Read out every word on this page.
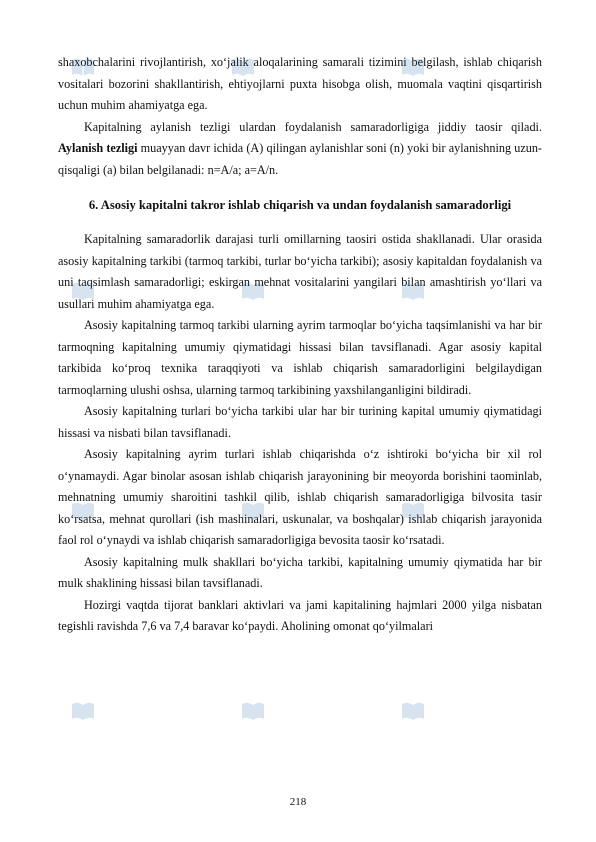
shaxobchalarini rivojlantirish, xo‘jalik aloqalarining samarali tizimini belgilash, ishlab chiqarish vositalari bozorini shakllantirish, ehtiyojlarni puxta hisobga olish, muomala vaqtini qisqartirish uchun muhim ahamiyatga ega.

Kapitalning aylanish tezligi ulardan foydalanish samaradorligiga jiddiy taosir qiladi. Aylanish tezligi muayyan davr ichida (A) qilingan aylanishlar soni (n) yoki bir aylanishning uzun-qisqaligi (a) bilan belgilanadi: n=A/a; a=A/n.

6. Asosiy kapitalni takror ishlab chiqarish va undan foydalanish samaradorligi

Kapitalning samaradorlik darajasi turli omillarning taosiri ostida shakllanadi. Ular orasida asosiy kapitalning tarkibi (tarmoq tarkibi, turlar bo‘yicha tarkibi); asosiy kapitaldan foydalanish va uni taqsimlash samaradorligi; eskirgan mehnat vositalarini yangilari bilan amashtirish yo‘llari va usullari muhim ahamiyatga ega.

Asosiy kapitalning tarmoq tarkibi ularning ayrim tarmoqlar bo‘yicha taqsimlanishi va har bir tarmoqning kapitalning umumiy qiymatidagi hissasi bilan tavsiflanadi. Agar asosiy kapital tarkibida ko‘proq texnika taraqqiyoti va ishlab chiqarish samaradorligini belgilaydigan tarmoqlarning ulushi oshsa, ularning tarmoq tarkibining yaxshilanganligini bildiradi.

Asosiy kapitalning turlari bo‘yicha tarkibi ular har bir turining kapital umumiy qiymatidagi hissasi va nisbati bilan tavsiflanadi.

Asosiy kapitalning ayrim turlari ishlab chiqarishda o‘z ishtiroki bo‘yicha bir xil rol o‘ynamaydi. Agar binolar asosan ishlab chiqarish jarayonining bir meoyorda borishini taominlab, mehnatning umumiy sharoitini tashkil qilib, ishlab chiqarish samaradorligiga bilvosita tasir ko‘rsatsa, mehnat qurollari (ish mashinalari, uskunalar, va boshqalar) ishlab chiqarish jarayonida faol rol o‘ynaydi va ishlab chiqarish samaradorligiga bevosita taosir ko‘rsatadi.

Asosiy kapitalning mulk shakllari bo‘yicha tarkibi, kapitalning umumiy qiymatida har bir mulk shaklining hissasi bilan tavsiflanadi.

Hozirgi vaqtda tijorat banklari aktivlari va jami kapitalining hajmlari 2000 yilga nisbatan tegishli ravishda 7,6 va 7,4 baravar ko‘paydi. Aholining omonat qo‘yilmalari

218
